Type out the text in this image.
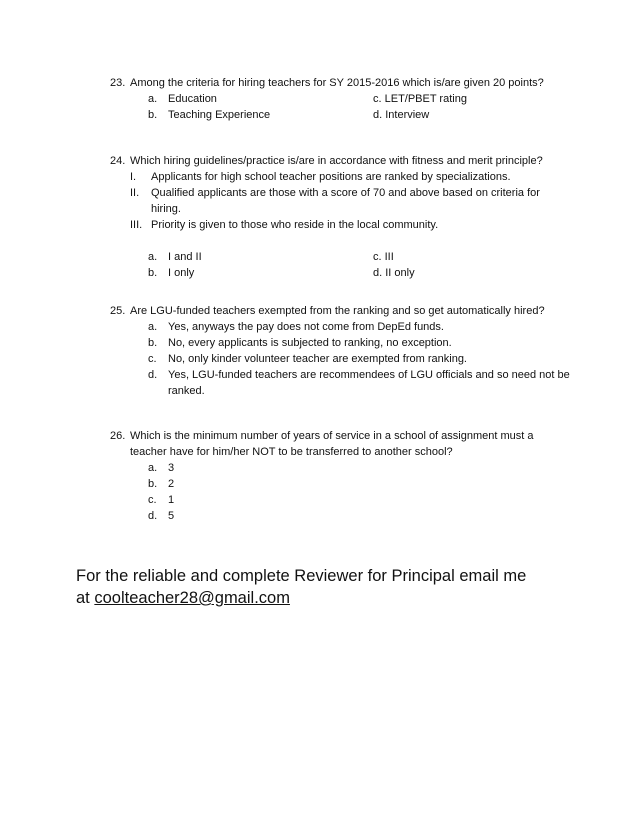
23. Among the criteria for hiring teachers for SY 2015-2016 which is/are given 20 points?
a. Education	c. LET/PBET rating
b. Teaching Experience	d. Interview
24. Which hiring guidelines/practice is/are in accordance with fitness and merit principle?
I. Applicants for high school teacher positions are ranked by specializations.
II. Qualified applicants are those with a score of 70 and above based on criteria for hiring.
III. Priority is given to those who reside in the local community.
a. I and II	c. III
b. I only	d. II only
25. Are LGU-funded teachers exempted from the ranking and so get automatically hired?
a. Yes, anyways the pay does not come from DepEd funds.
b. No, every applicants is subjected to ranking, no exception.
c. No, only kinder volunteer teacher are exempted from ranking.
d. Yes, LGU-funded teachers are recommendees of LGU officials and so need not be ranked.
26. Which is the minimum number of years of service in a school of assignment must a teacher have for him/her NOT to be transferred to another school?
a. 3
b. 2
c. 1
d. 5
For the reliable and complete Reviewer for Principal email me
at coolteacher28@gmail.com
